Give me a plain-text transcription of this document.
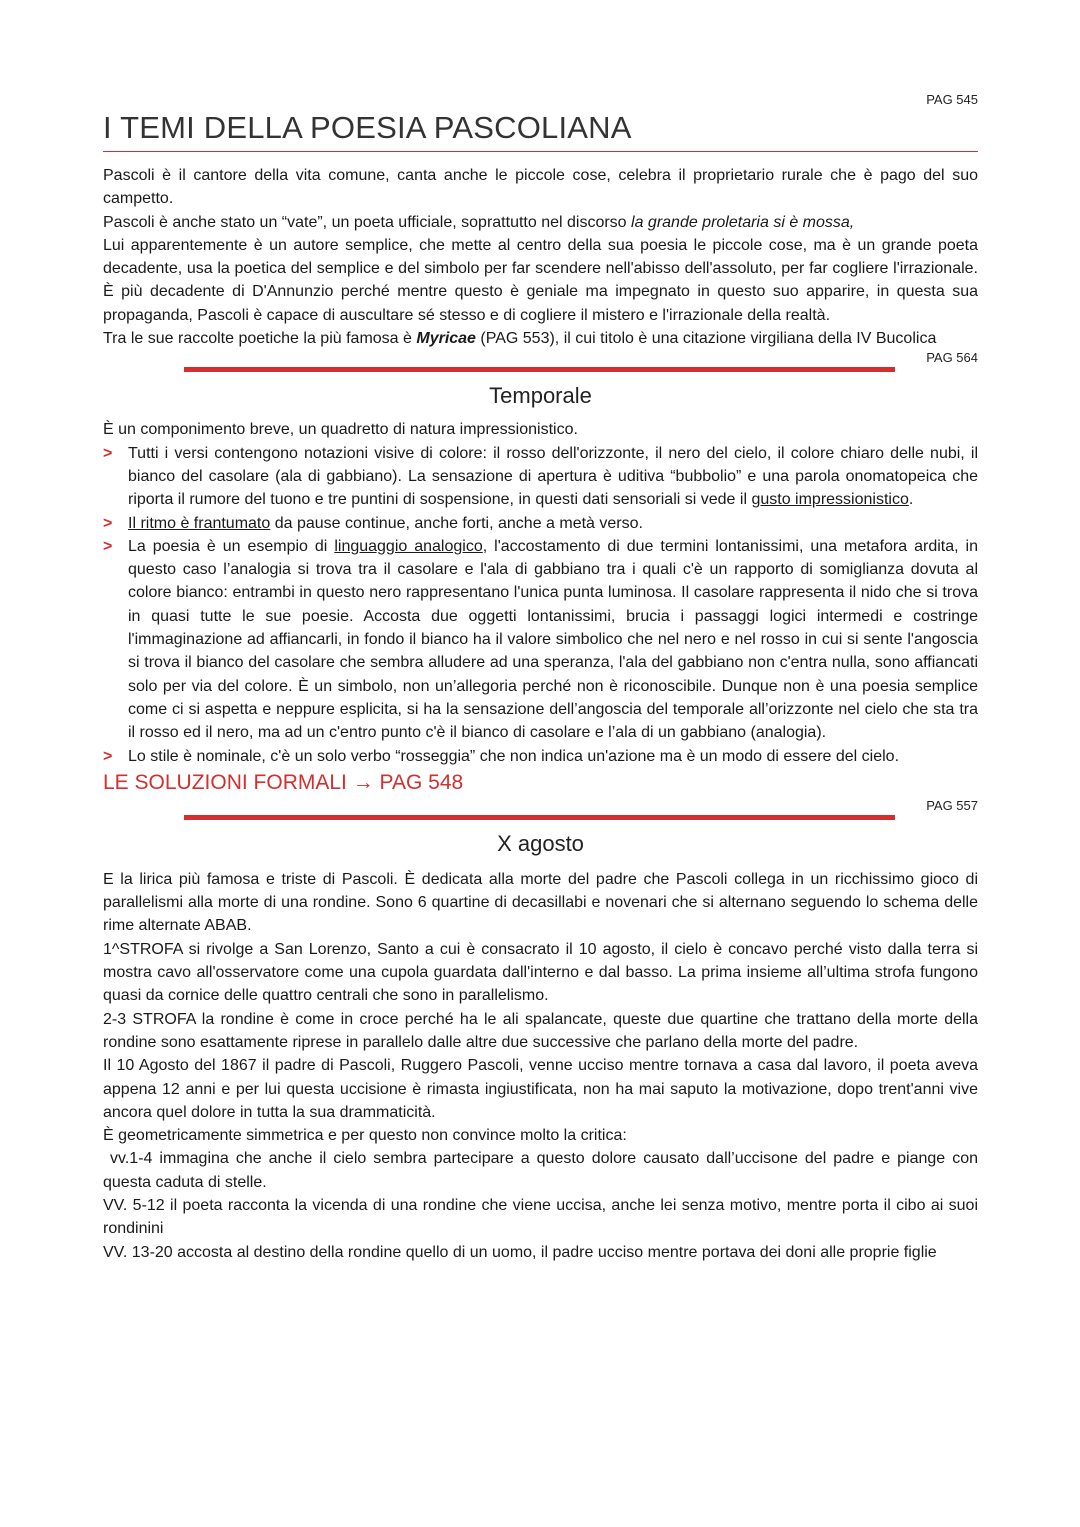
PAG 545
I TEMI DELLA POESIA PASCOLIANA

Pascoli è il cantore della vita comune, canta anche le piccole cose, celebra il proprietario rurale che è pago del suo campetto.

Pascoli è anche stato un “vate”, un poeta ufficiale, soprattutto nel discorso la grande proletaria si è mossa,

Lui apparentemente è un autore semplice, che mette al centro della sua poesia le piccole cose, ma è un grande poeta decadente, usa la poetica del semplice e del simbolo per far scendere nell'abisso dell'assoluto, per far cogliere l'irrazionale. È più decadente di D'Annunzio perché mentre questo è geniale ma impegnato in questo suo apparire, in questa sua propaganda, Pascoli è capace di auscultare sé stesso e di cogliere il mistero e l'irrazionale della realtà.

Tra le sue raccolte poetiche la più famosa è Myricae (PAG 553), il cui titolo è una citazione virgiliana della IV Bucolica

PAG 564
Temporale

È un componimento breve, un quadretto di natura impressionistico.

> Tutti i versi contengono notazioni visive di colore: il rosso dell'orizzonte, il nero del cielo, il colore chiaro delle nubi, il bianco del casolare (ala di gabbiano). La sensazione di apertura è uditiva “bubbolio” e una parola onomatopeica che riporta il rumore del tuono e tre puntini di sospensione, in questi dati sensoriali si vede il gusto impressionistico.
> Il ritmo è frantumato da pause continue, anche forti, anche a metà verso.
> La poesia è un esempio di linguaggio analogico, l'accostamento di due termini lontanissimi, una metafora ardita, in questo caso l’analogia si trova tra il casolare e l'ala di gabbiano tra i quali c'è un rapporto di somiglianza dovuta al colore bianco: entrambi in questo nero rappresentano l'unica punta luminosa. Il casolare rappresenta il nido che si trova in quasi tutte le sue poesie. Accosta due oggetti lontanissimi, brucia i passaggi logici intermedi e costringe l'immaginazione ad affiancarli, in fondo il bianco ha il valore simbolico che nel nero e nel rosso in cui si sente l'angoscia si trova il bianco del casolare che sembra alludere ad una speranza, l'ala del gabbiano non c'entra nulla, sono affiancati solo per via del colore. È un simbolo, non un’allegoria perché non è riconoscibile. Dunque non è una poesia semplice come ci si aspetta e neppure esplicita, si ha la sensazione dell’angoscia del temporale all’orizzonte nel cielo che sta tra il rosso ed il nero, ma ad un c'entro punto c'è il bianco di casolare e l’ala di un gabbiano (analogia).
> Lo stile è nominale, c'è un solo verbo “rosseggia” che non indica un'azione ma è un modo di essere del cielo.

LE SOLUZIONI FORMALI → PAG 548

PAG 557
X agosto

E la lirica più famosa e triste di Pascoli. È dedicata alla morte del padre che Pascoli collega in un ricchissimo gioco di parallelismi alla morte di una rondine. Sono 6 quartine di decasillabi e novenari che si alternano seguendo lo schema delle rime alternate ABAB.

1^STROFA si rivolge a San Lorenzo, Santo a cui è consacrato il 10 agosto, il cielo è concavo perché visto dalla terra si mostra cavo all'osservatore come una cupola guardata dall'interno e dal basso. La prima insieme all’ultima strofa fungono quasi da cornice delle quattro centrali che sono in parallelismo.

2-3 STROFA la rondine è come in croce perché ha le ali spalancate, queste due quartine che trattano della morte della rondine sono esattamente riprese in parallelo dalle altre due successive che parlano della morte del padre.

Il 10 Agosto del 1867 il padre di Pascoli, Ruggero Pascoli, venne ucciso mentre tornava a casa dal lavoro, il poeta aveva appena 12 anni e per lui questa uccisione è rimasta ingiustificata, non ha mai saputo la motivazione, dopo trent'anni vive ancora quel dolore in tutta la sua drammaticità.

È geometricamente simmetrica e per questo non convince molto la critica:

vv.1-4 immagina che anche il cielo sembra partecipare a questo dolore causato dall’uccisone del padre e piange con questa caduta di stelle.

VV. 5-12 il poeta racconta la vicenda di una rondine che viene uccisa, anche lei senza motivo, mentre porta il cibo ai suoi rondinini

VV. 13-20 accosta al destino della rondine quello di un uomo, il padre ucciso mentre portava dei doni alle proprie figlie
